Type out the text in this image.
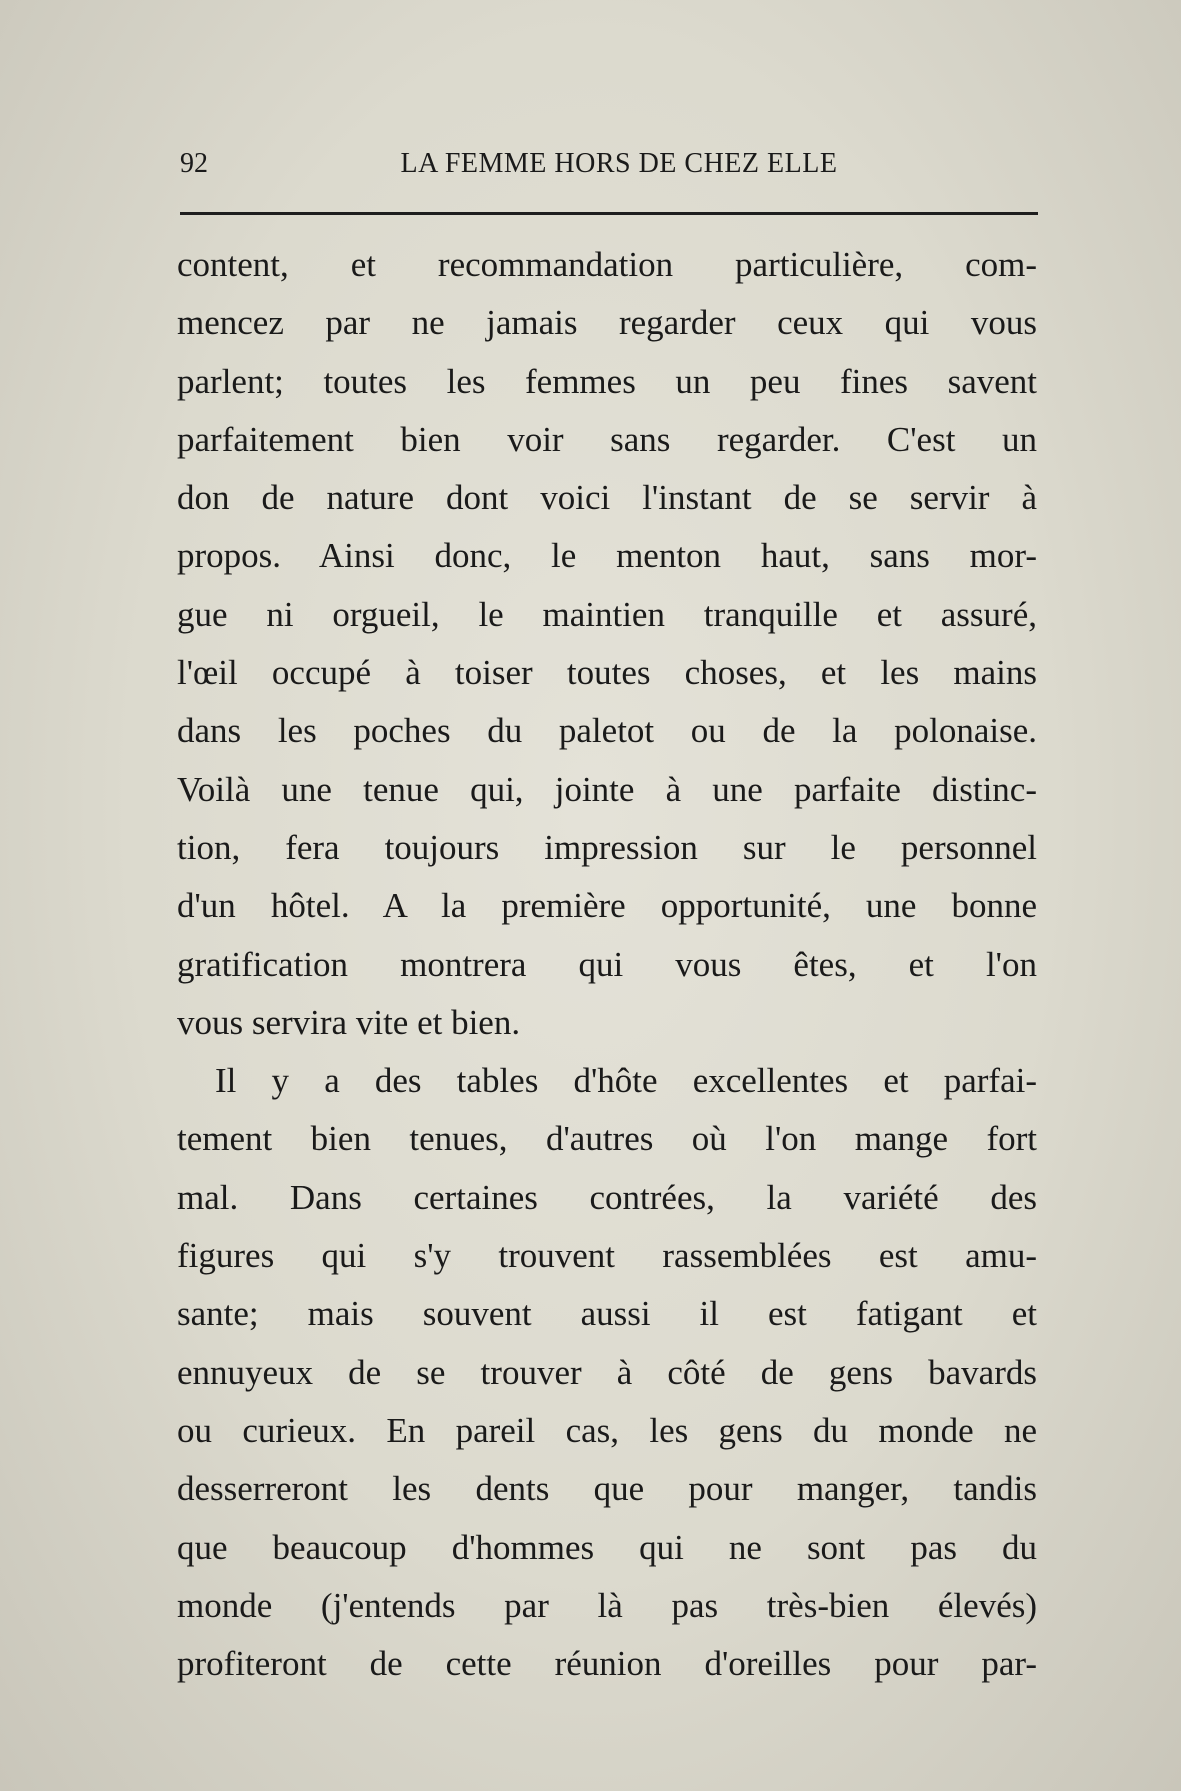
92	LA FEMME HORS DE CHEZ ELLE
content, et recommandation particulière, com-
mencez par ne jamais regarder ceux qui vous
parlent; toutes les femmes un peu fines savent
parfaitement bien voir sans regarder. C'est un
don de nature dont voici l'instant de se servir à
propos. Ainsi donc, le menton haut, sans mor-
gue ni orgueil, le maintien tranquille et assuré,
l'œil occupé à toiser toutes choses, et les mains
dans les poches du paletot ou de la polonaise.
Voilà une tenue qui, jointe à une parfaite distinc-
tion, fera toujours impression sur le personnel
d'un hôtel. A la première opportunité, une bonne
gratification montrera qui vous êtes, et l'on
vous servira vite et bien.
Il y a des tables d'hôte excellentes et parfai-
tement bien tenues, d'autres où l'on mange fort
mal. Dans certaines contrées, la variété des
figures qui s'y trouvent rassemblées est amu-
sante; mais souvent aussi il est fatigant et
ennuyeux de se trouver à côté de gens bavards
ou curieux. En pareil cas, les gens du monde ne
desserreront les dents que pour manger, tandis
que beaucoup d'hommes qui ne sont pas du
monde (j'entends par là pas très-bien élevés)
profiteront de cette réunion d'oreilles pour par-
